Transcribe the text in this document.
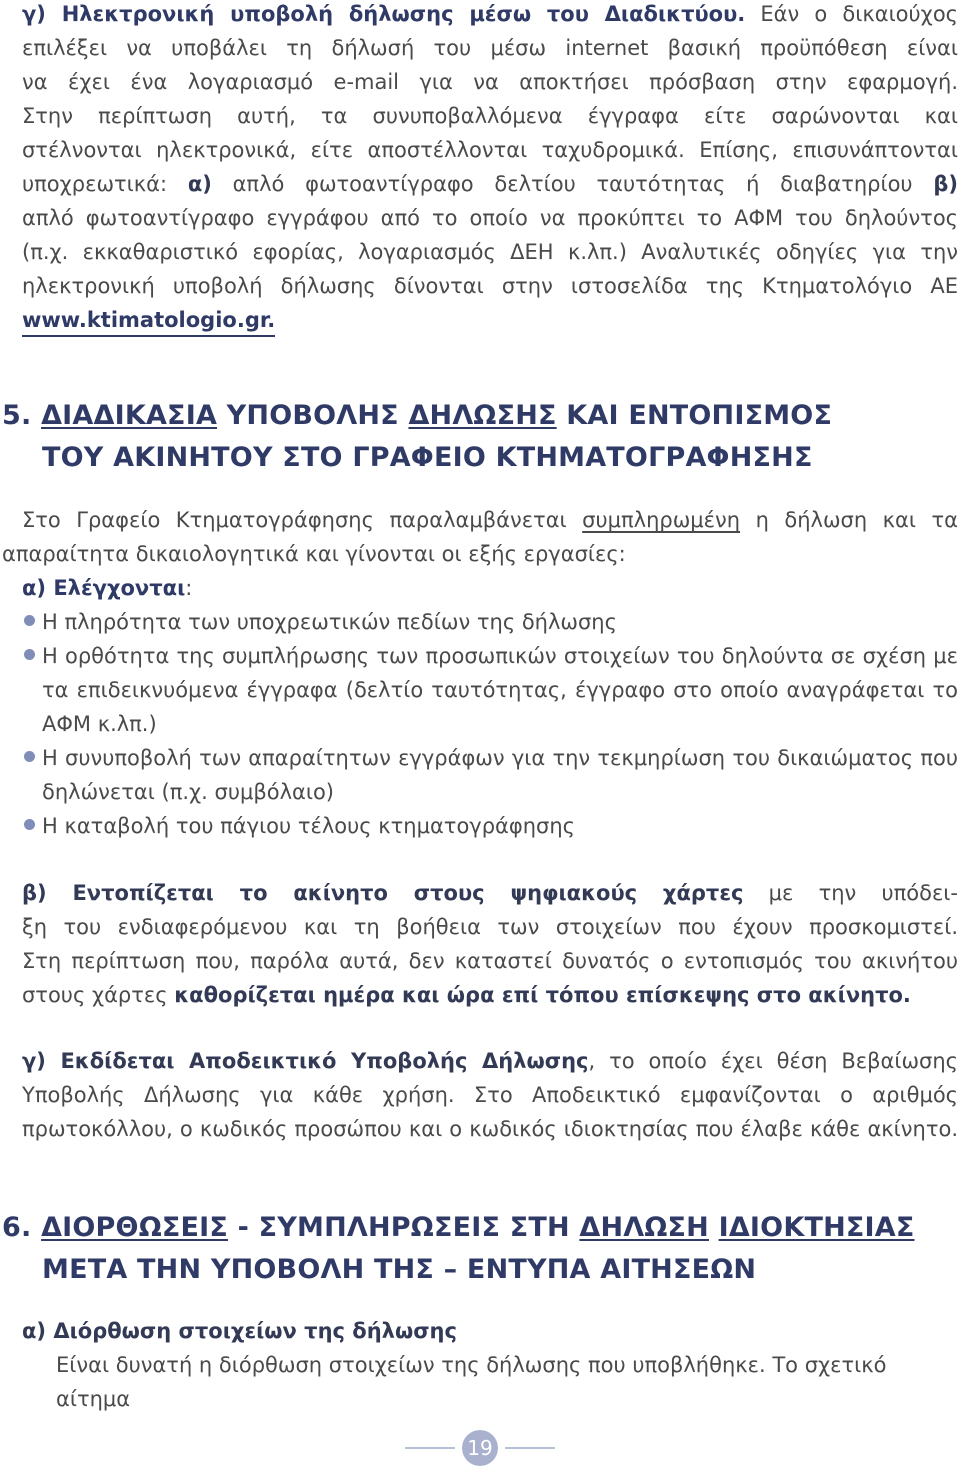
γ) Ηλεκτρονική υποβολή δήλωσης μέσω του Διαδικτύου. Εάν ο δικαιούχος
επιλέξει να υποβάλει τη δήλωσή του μέσω internet βασική προϋπόθεση είναι
να έχει ένα λογαριασμό e-mail για να αποκτήσει πρόσβαση στην εφαρμογή.
Στην περίπτωση αυτή, τα συνυποβαλλόμενα έγγραφα είτε σαρώνονται και
στέλνονται ηλεκτρονικά, είτε αποστέλλονται ταχυδρομικά. Επίσης, επισυνάπτονται
υποχρεωτικά: α) απλό φωτοαντίγραφο δελτίου ταυτότητας ή διαβατηρίου β)
απλό φωτοαντίγραφο εγγράφου από το οποίο να προκύπτει το ΑΦΜ του δηλούντος
(π.χ. εκκαθαριστικό εφορίας, λογαριασμός ΔΕΗ κ.λπ.) Αναλυτικές οδηγίες για την
ηλεκτρονική υποβολή δήλωσης δίνονται στην ιστοσελίδα της Κτηματολόγιο ΑΕ
www.ktimatologio.gr.
5. ΔΙΑΔΙΚΑΣΙΑ ΥΠΟΒΟΛΗΣ ΔΗΛΩΣΗΣ ΚΑΙ ΕΝΤΟΠΙΣΜΟΣ
ΤΟΥ ΑΚΙΝΗΤΟΥ ΣΤΟ ΓΡΑΦΕΙΟ ΚΤΗΜΑΤΟΓΡΑΦΗΣΗΣ
Στο Γραφείο Κτηματογράφησης παραλαμβάνεται συμπληρωμένη η δήλωση και τα
απαραίτητα δικαιολογητικά και γίνονται οι εξής εργασίες:
α) Ελέγχονται:
Η πληρότητα των υποχρεωτικών πεδίων της δήλωσης
Η ορθότητα της συμπλήρωσης των προσωπικών στοιχείων του δηλούντα σε σχέση με
τα επιδεικνυόμενα έγγραφα (δελτίο ταυτότητας, έγγραφο στο οποίο αναγράφεται το
ΑΦΜ κ.λπ.)
Η συνυποβολή των απαραίτητων εγγράφων για την τεκμηρίωση του δικαιώματος που
δηλώνεται (π.χ. συμβόλαιο)
Η καταβολή του πάγιου τέλους κτηματογράφησης
β) Εντοπίζεται το ακίνητο στους ψηφιακούς χάρτες με την υπόδει-
ξη του ενδιαφερόμενου και τη βοήθεια των στοιχείων που έχουν προσκομιστεί.
Στη περίπτωση που, παρόλα αυτά, δεν καταστεί δυνατός ο εντοπισμός του ακινήτου
στους χάρτες καθορίζεται ημέρα και ώρα επί τόπου επίσκεψης στο ακίνητο.
γ) Εκδίδεται Αποδεικτικό Υποβολής Δήλωσης, το οποίο έχει θέση Βεβαίωσης
Υποβολής Δήλωσης για κάθε χρήση. Στο Αποδεικτικό εμφανίζονται ο αριθμός
πρωτοκόλλου, ο κωδικός προσώπου και ο κωδικός ιδιοκτησίας που έλαβε κάθε ακίνητο.
6. ΔΙΟΡΘΩΣΕΙΣ - ΣΥΜΠΛΗΡΩΣΕΙΣ ΣΤΗ ΔΗΛΩΣΗ ΙΔΙΟΚΤΗΣΙΑΣ
ΜΕΤΑ ΤΗΝ ΥΠΟΒΟΛΗ ΤΗΣ – ΕΝΤΥΠΑ ΑΙΤΗΣΕΩΝ
α) Διόρθωση στοιχείων της δήλωσης
Είναι δυνατή η διόρθωση στοιχείων της δήλωσης που υποβλήθηκε. Το σχετικό αίτημα
19
